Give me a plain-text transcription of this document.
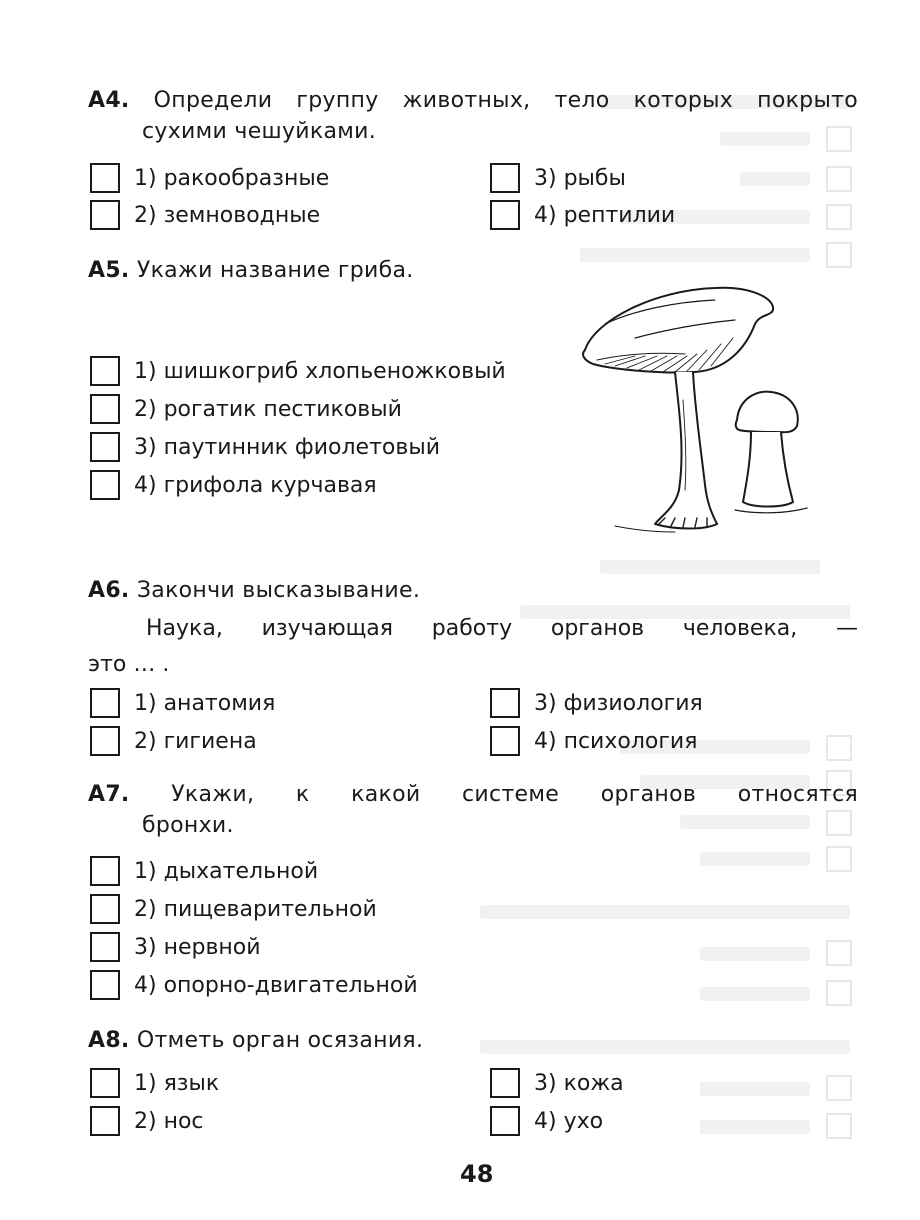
А4. Определи группу животных, тело которых покрыто
сухими чешуйками.
1) ракообразные
2) земноводные
3) рыбы
4) рептилии
А5. Укажи название гриба.
1) шишкогриб хлопьеножковый
2) рогатик пестиковый
3) паутинник фиолетовый
4) грифола курчавая
А6. Закончи высказывание.
Наука, изучающая работу органов человека, —
это … .
1) анатомия
2) гигиена
3) физиология
4) психология
А7. Укажи, к какой системе органов относятся
бронхи.
1) дыхательной
2) пищеварительной
3) нервной
4) опорно-двигательной
А8. Отметь орган осязания.
1) язык
2) нос
3) кожа
4) ухо
48
